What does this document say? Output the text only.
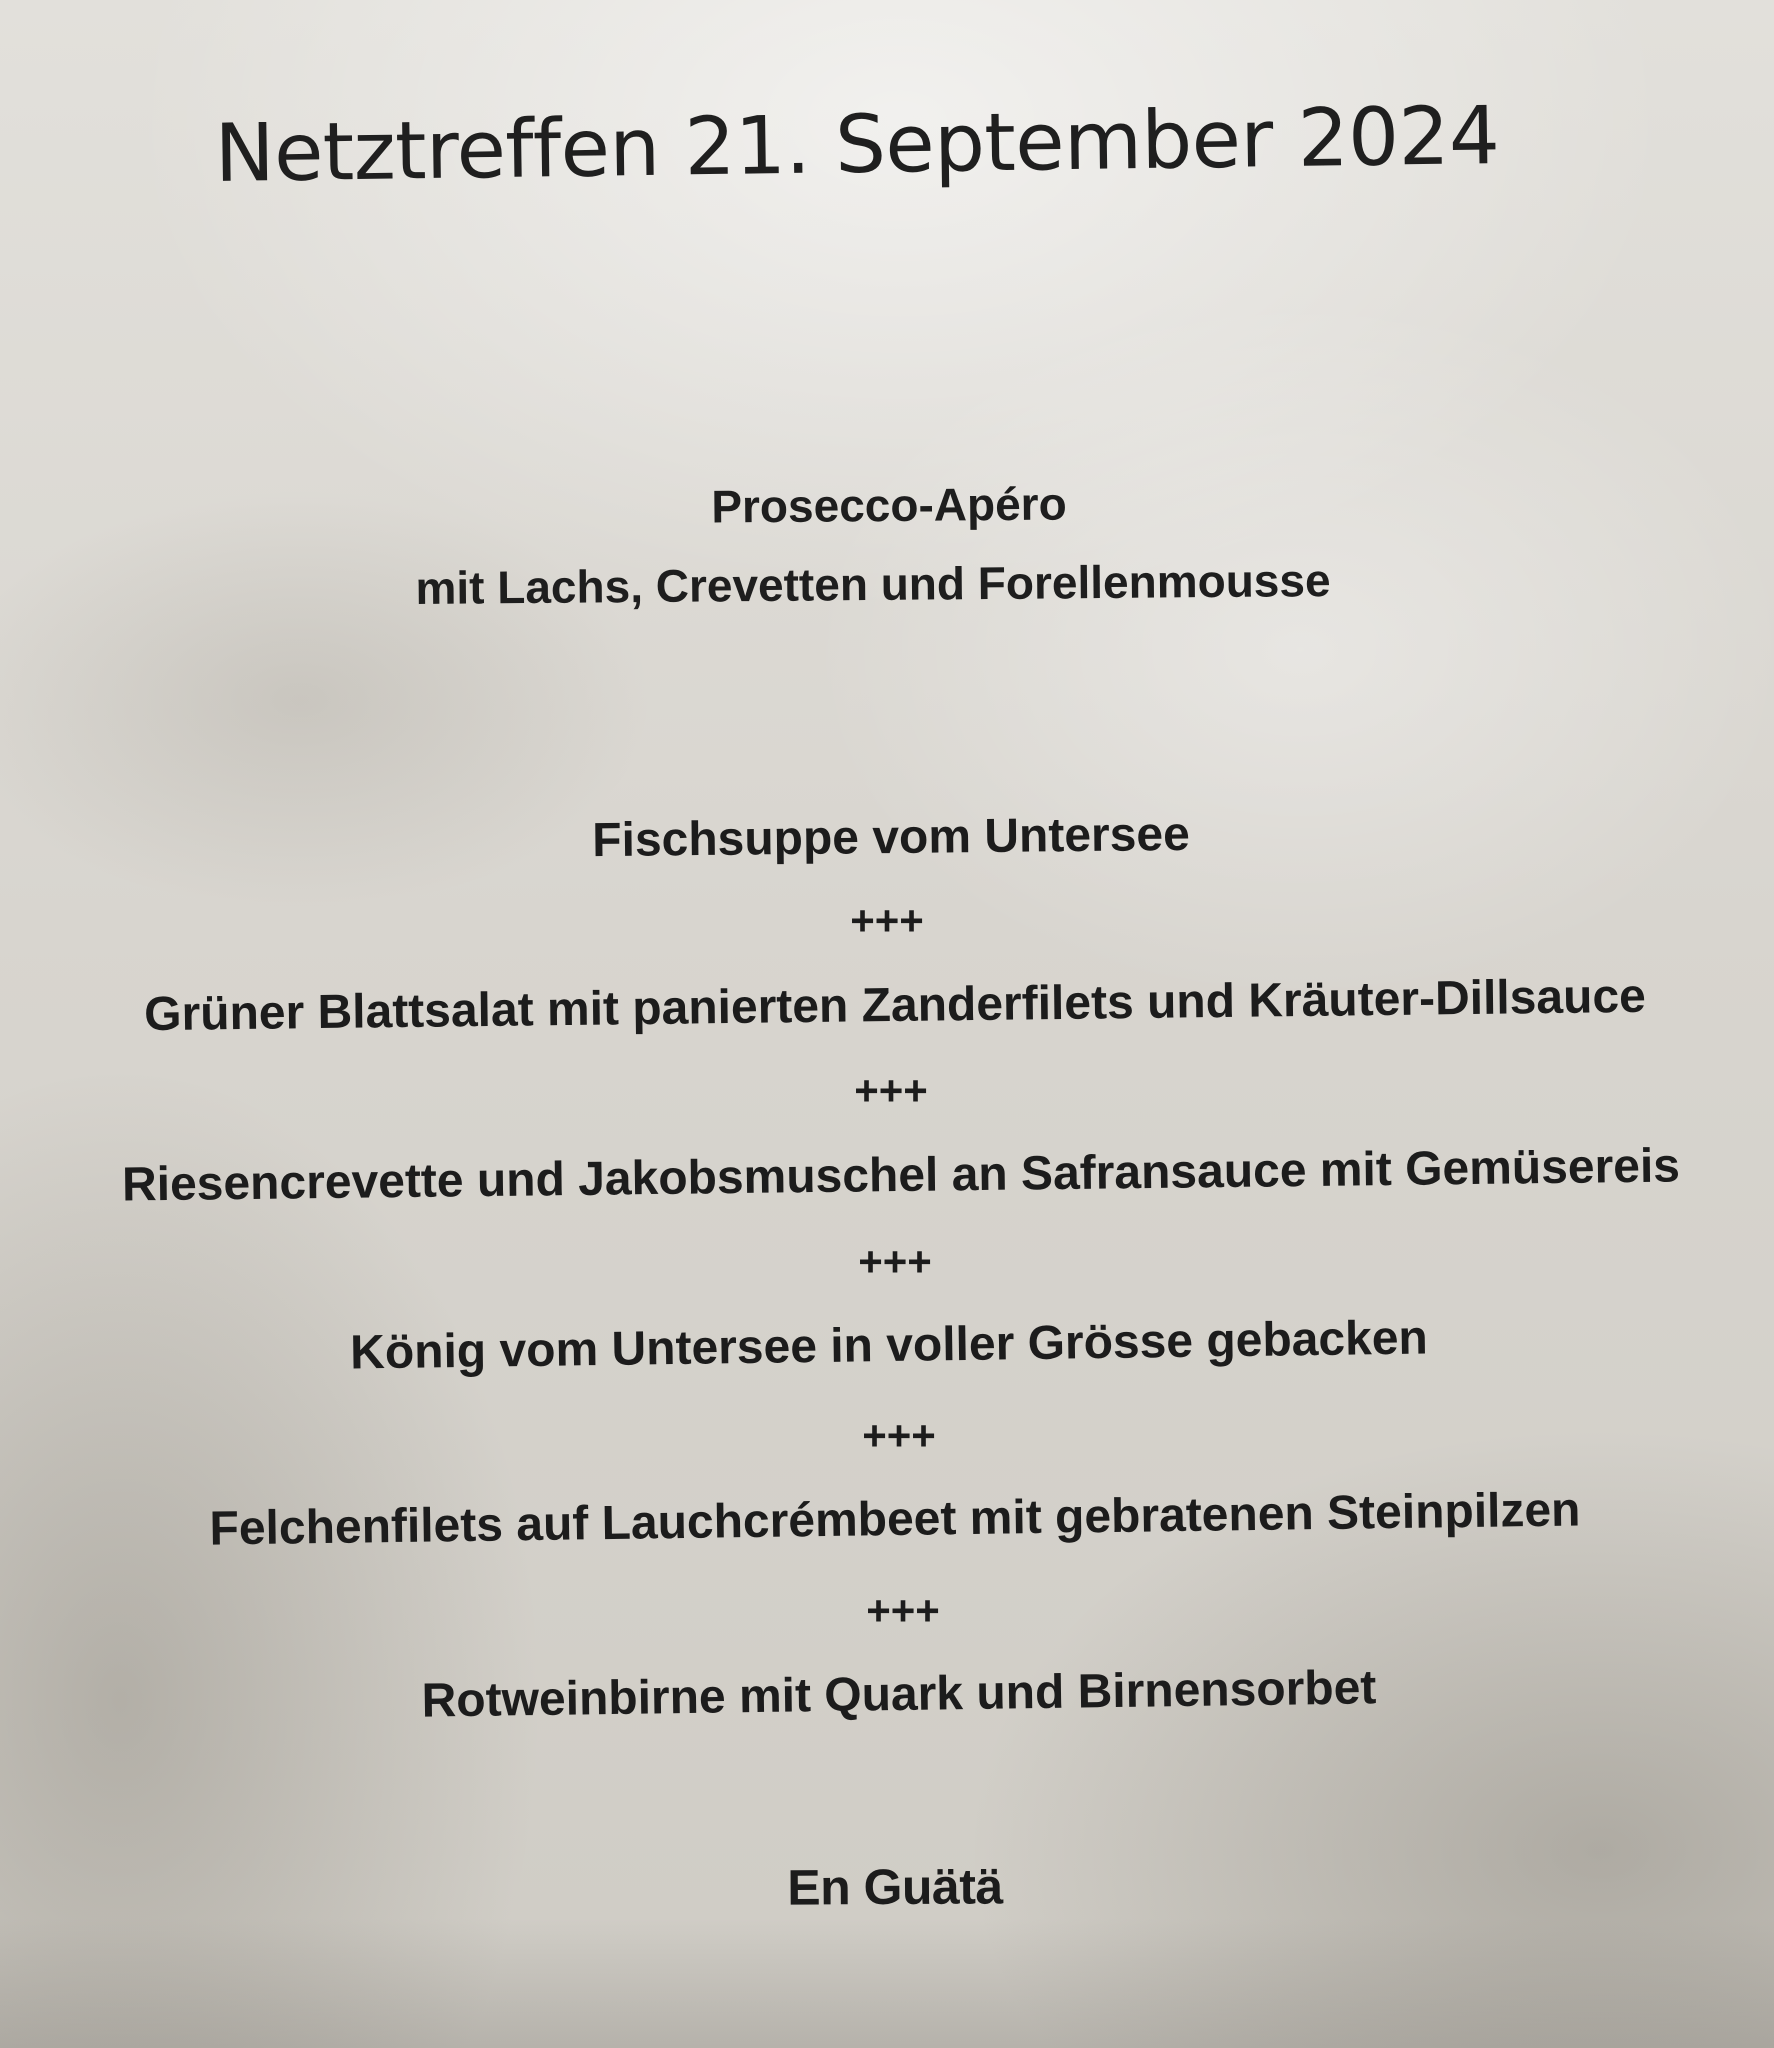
Netztreffen 21. September 2024
Prosecco-Apéro
mit Lachs, Crevetten und Forellenmousse
Fischsuppe vom Untersee
+++
Grüner Blattsalat mit panierten Zanderfilets und Kräuter-Dillsauce
+++
Riesencrevette und Jakobsmuschel an Safransauce mit Gemüsereis
+++
König vom Untersee in voller Grösse gebacken
+++
Felchenfilets auf Lauchcrémbeet mit gebratenen Steinpilzen
+++
Rotweinbirne mit Quark und Birnensorbet
En Guätä
